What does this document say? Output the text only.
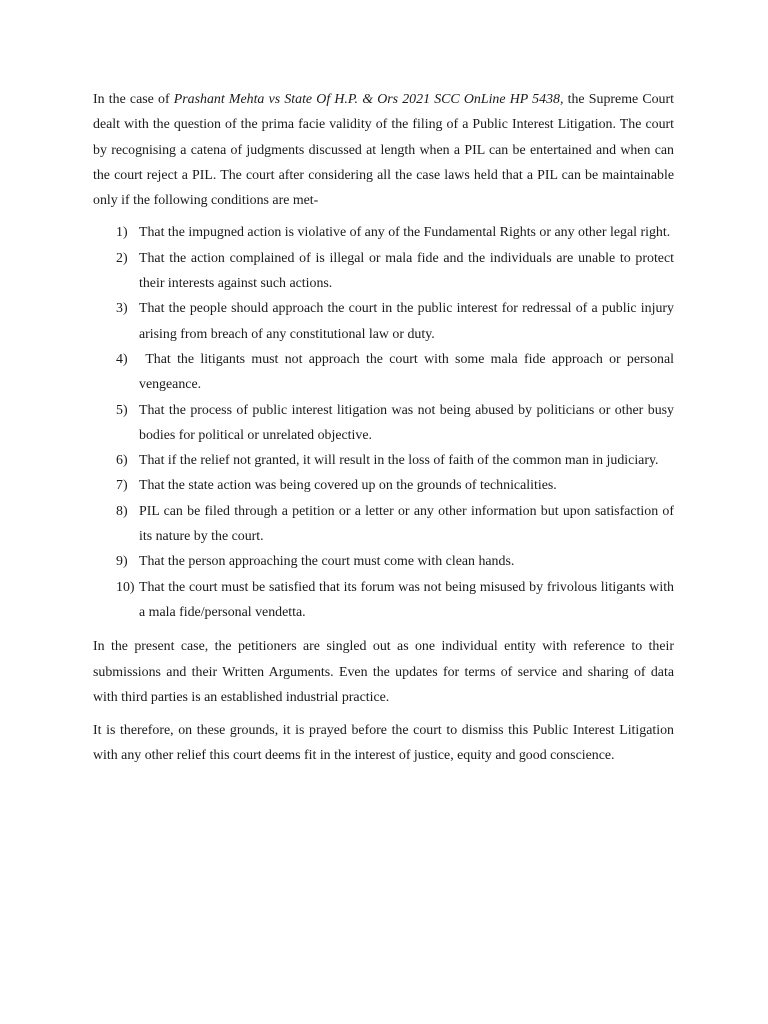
In the case of Prashant Mehta vs State Of H.P. & Ors 2021 SCC OnLine HP 5438, the Supreme Court dealt with the question of the prima facie validity of the filing of a Public Interest Litigation. The court by recognising a catena of judgments discussed at length when a PIL can be entertained and when can the court reject a PIL. The court after considering all the case laws held that a PIL can be maintainable only if the following conditions are met-

1) That the impugned action is violative of any of the Fundamental Rights or any other legal right.
2) That the action complained of is illegal or mala fide and the individuals are unable to protect their interests against such actions.
3) That the people should approach the court in the public interest for redressal of a public injury arising from breach of any constitutional law or duty.
4) That the litigants must not approach the court with some mala fide approach or personal vengeance.
5) That the process of public interest litigation was not being abused by politicians or other busy bodies for political or unrelated objective.
6) That if the relief not granted, it will result in the loss of faith of the common man in judiciary.
7) That the state action was being covered up on the grounds of technicalities.
8) PIL can be filed through a petition or a letter or any other information but upon satisfaction of its nature by the court.
9) That the person approaching the court must come with clean hands.
10) That the court must be satisfied that its forum was not being misused by frivolous litigants with a mala fide/personal vendetta.

In the present case, the petitioners are singled out as one individual entity with reference to their submissions and their Written Arguments. Even the updates for terms of service and sharing of data with third parties is an established industrial practice.

It is therefore, on these grounds, it is prayed before the court to dismiss this Public Interest Litigation with any other relief this court deems fit in the interest of justice, equity and good conscience.
